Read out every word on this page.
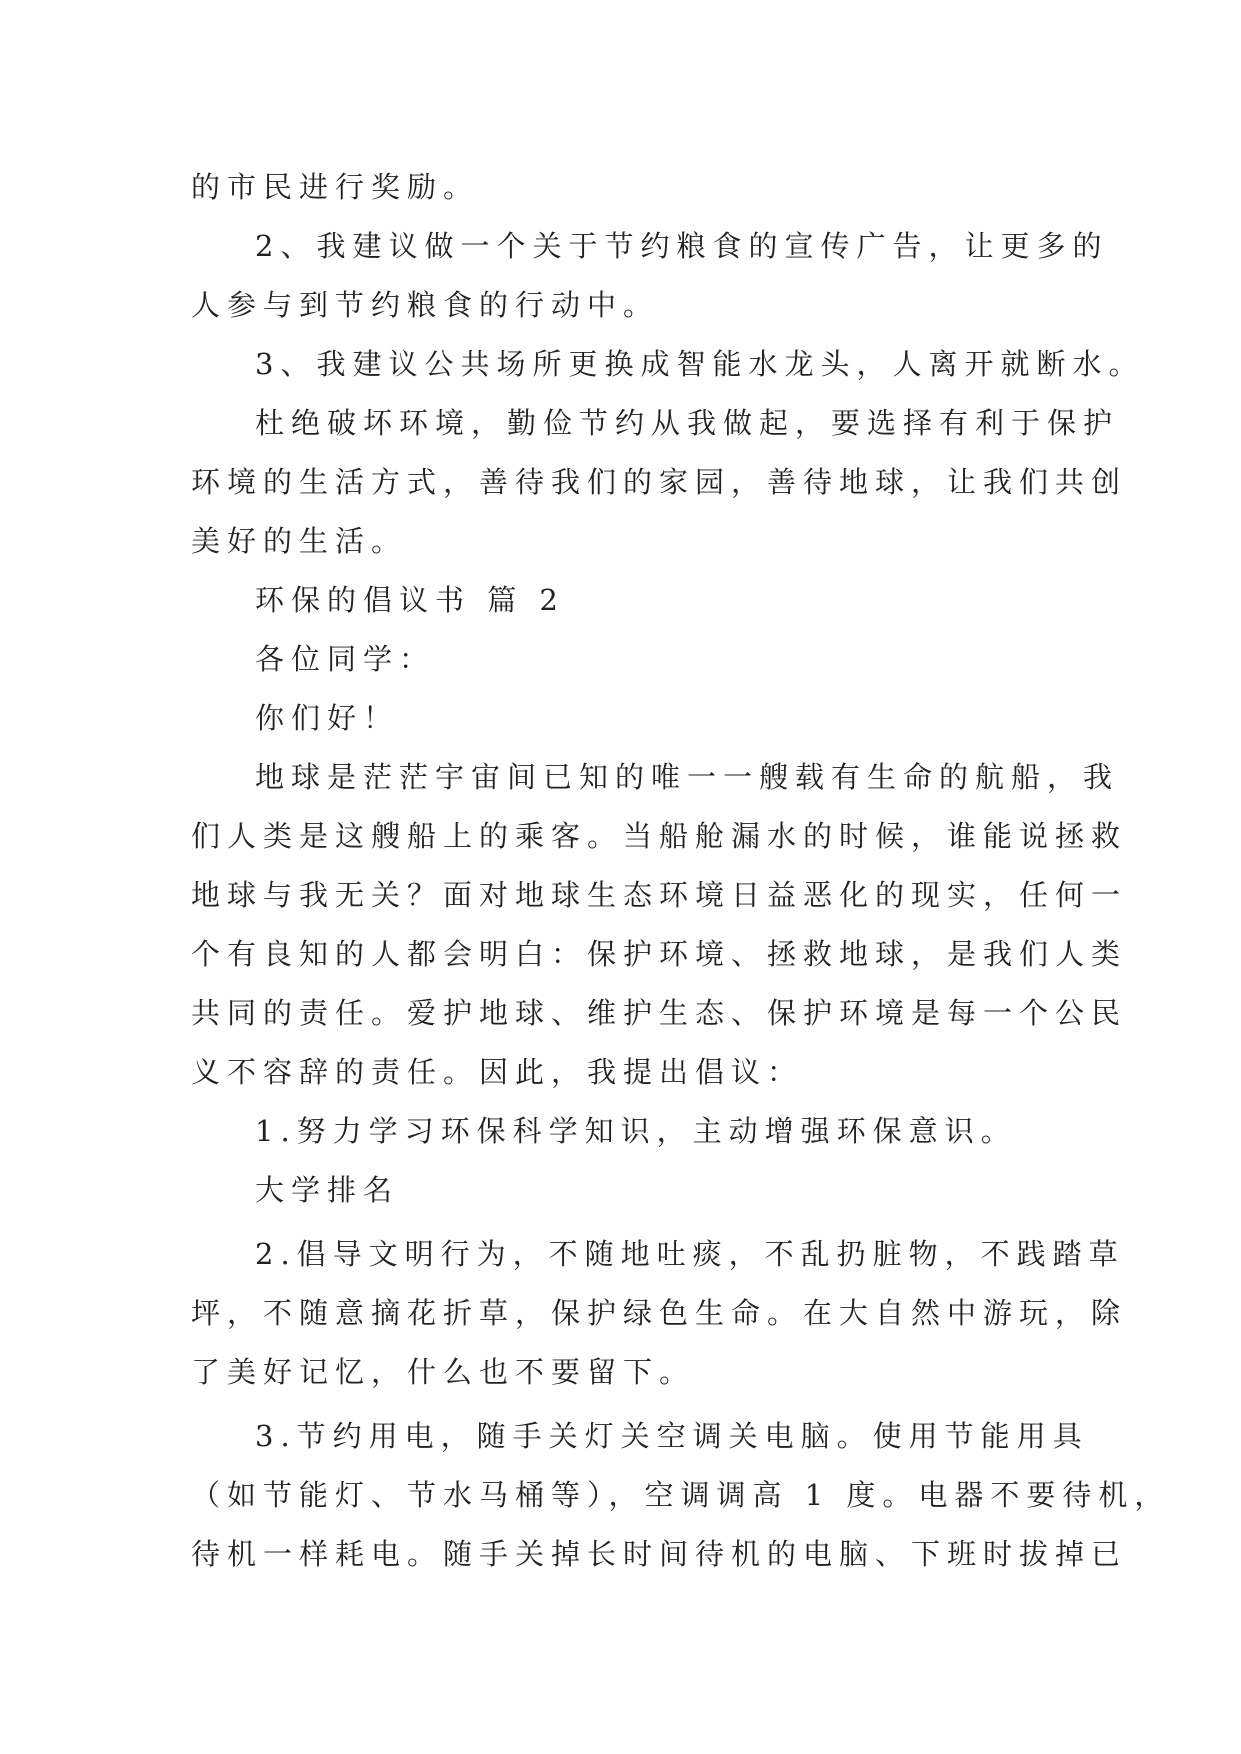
的市民进行奖励。
2、我建议做一个关于节约粮食的宣传广告，让更多的
人参与到节约粮食的行动中。
3、我建议公共场所更换成智能水龙头，人离开就断水。
杜绝破坏环境，勤俭节约从我做起，要选择有利于保护
环境的生活方式，善待我们的家园，善待地球，让我们共创
美好的生活。
环保的倡议书 篇 2
各位同学：
你们好！
地球是茫茫宇宙间已知的唯一一艘载有生命的航船，我
们人类是这艘船上的乘客。当船舱漏水的时候，谁能说拯救
地球与我无关？面对地球生态环境日益恶化的现实，任何一
个有良知的人都会明白：保护环境、拯救地球，是我们人类
共同的责任。爱护地球、维护生态、保护环境是每一个公民
义不容辞的责任。因此，我提出倡议：
1.努力学习环保科学知识，主动增强环保意识。
大学排名
2.倡导文明行为，不随地吐痰，不乱扔脏物，不践踏草
坪，不随意摘花折草，保护绿色生命。在大自然中游玩，除
了美好记忆，什么也不要留下。
3.节约用电，随手关灯关空调关电脑。使用节能用具
（如节能灯、节水马桶等），空调调高 1 度。电器不要待机，
待机一样耗电。随手关掉长时间待机的电脑、下班时拔掉已
